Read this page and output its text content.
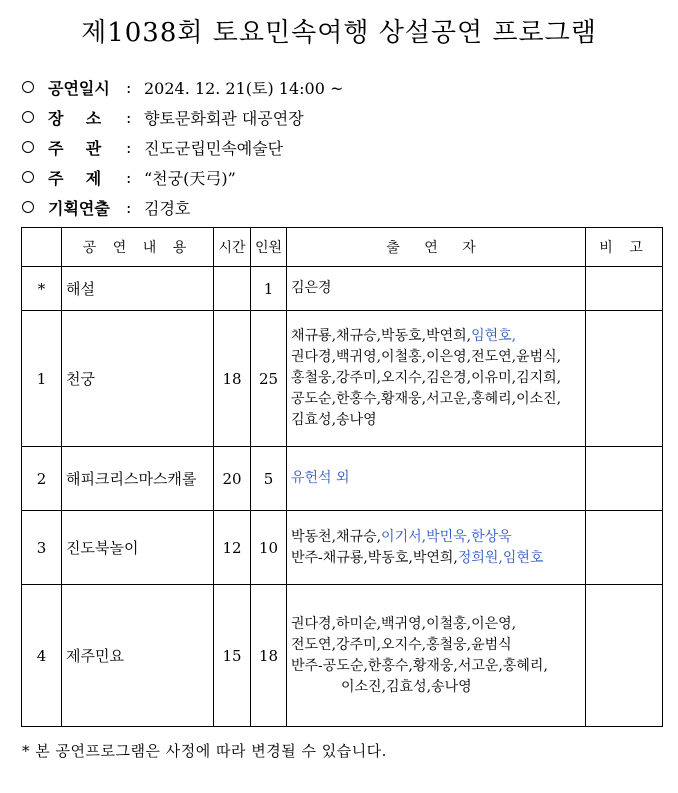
제1038회 토요민속여행 상설공연 프로그램
공연일시	: 2024. 12. 21(토) 14:00 ~
장    소	: 향토문화회관 대공연장
주    관	: 진도군립민속예술단
주    제	: “천궁(天弓)”
기획연출	: 김경호
	공 연 내 용	시간	인원	출 연 자	비 고
*	해설		1	김은경	

1	천궁	18	25	채규룡,채규승,박동호,박연희,임현호,
권다경,백귀영,이철홍,이은영,전도연,윤범식,
홍철웅,강주미,오지수,김은경,이유미,김지희,
공도순,한홍수,황재웅,서고운,홍혜리,이소진,
김효성,송나영	

2	해피크리스마스캐롤	20	5	유헌석 외	

3	진도북놀이	12	10	박동천,채규승,이기서,박민욱,한상욱
반주-채규룡,박동호,박연희,정희원,임현호	

4	제주민요	15	18	권다경,하미순,백귀영,이철홍,이은영,
전도연,강주미,오지수,홍철웅,윤범식
반주-공도순,한홍수,황재웅,서고운,홍혜리,
이소진,김효성,송나영	

* 본 공연프로그램은 사정에 따라 변경될 수 있습니다.
